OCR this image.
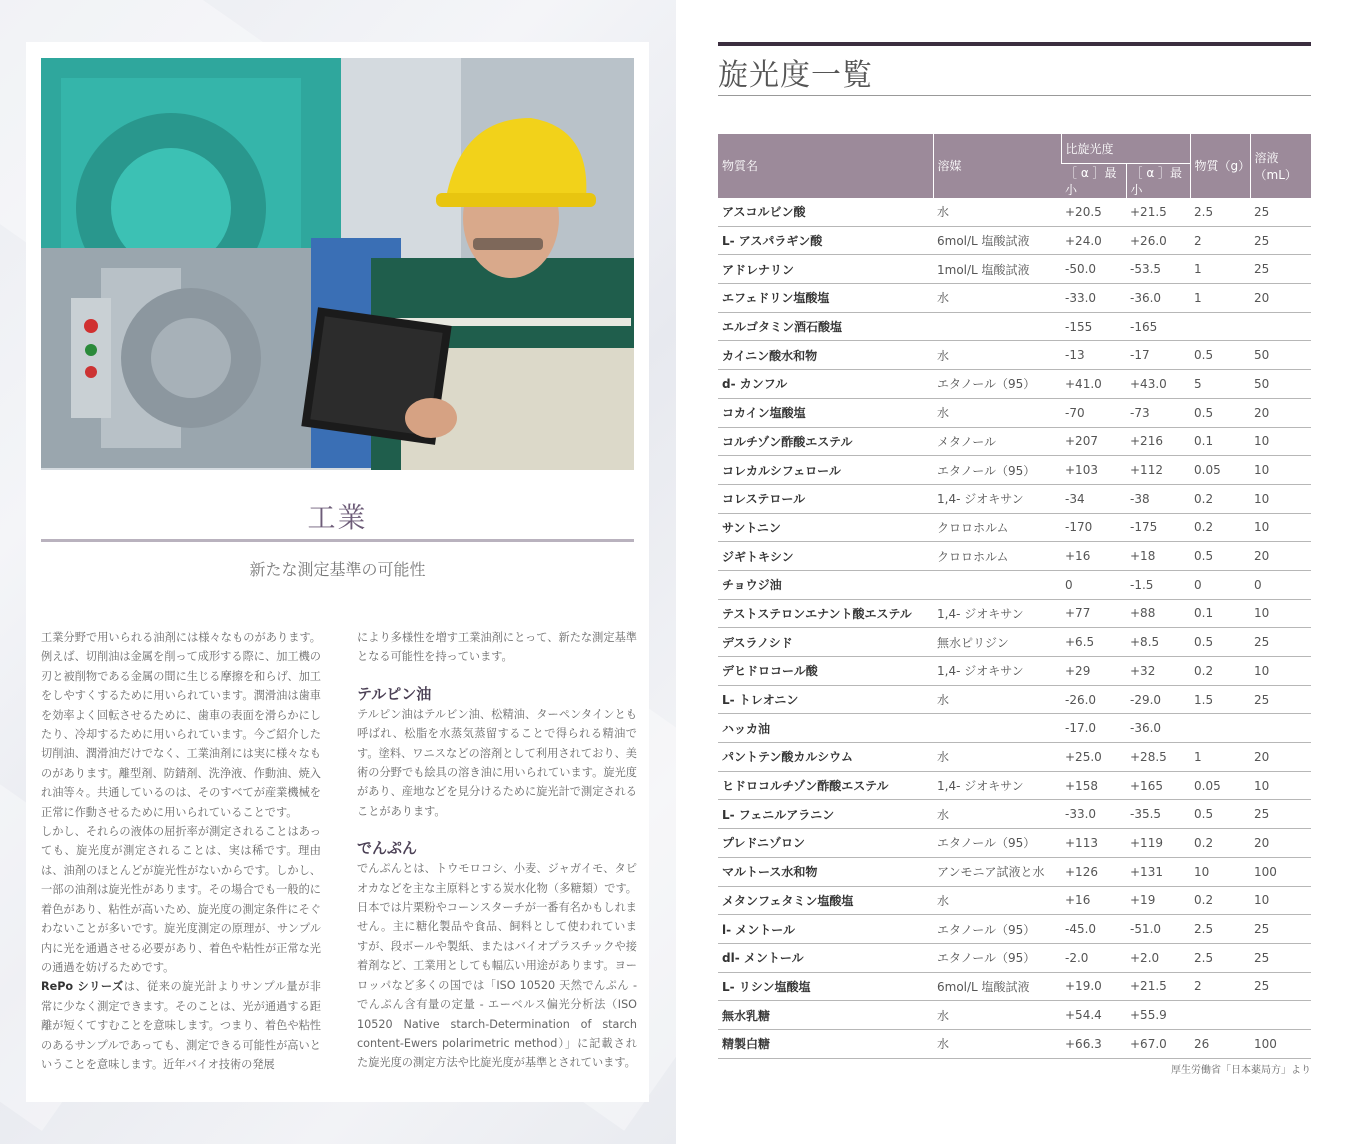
工業
新たな測定基準の可能性

工業分野で用いられる油剤には様々なものがあります。例えば、切削油は金属を削って成形する際に、加工機の刃と被削物である金属の間に生じる摩擦を和らげ、加工をしやすくするために用いられています。潤滑油は歯車を効率よく回転させるために、歯車の表面を滑らかにしたり、冷却するために用いられています。今ご紹介した切削油、潤滑油だけでなく、工業油剤には実に様々なものがあります。離型剤、防錆剤、洗浄液、作動油、焼入れ油等々。共通しているのは、そのすべてが産業機械を正常に作動させるために用いられていることです。

しかし、それらの液体の屈折率が測定されることはあっても、旋光度が測定されることは、実は稀です。理由は、油剤のほとんどが旋光性がないからです。しかし、一部の油剤は旋光性があります。その場合でも一般的に着色があり、粘性が高いため、旋光度の測定条件にそぐわないことが多いです。旋光度測定の原理が、サンプル内に光を通過させる必要があり、着色や粘性が正常な光の通過を妨げるためです。

RePo シリーズは、従来の旋光計よりサンプル量が非常に少なく測定できます。そのことは、光が通過する距離が短くてすむことを意味します。つまり、着色や粘性のあるサンプルであっても、測定できる可能性が高いということを意味します。近年バイオ技術の発展

により多様性を増す工業油剤にとって、新たな測定基準となる可能性を持っています。

テルピン油

テルピン油はテルビン油、松精油、ターペンタインとも呼ばれ、松脂を水蒸気蒸留することで得られる精油です。塗料、ワニスなどの溶剤として利用されており、美術の分野でも絵具の溶き油に用いられています。旋光度があり、産地などを見分けるために旋光計で測定されることがあります。

でんぷん

でんぷんとは、トウモロコシ、小麦、ジャガイモ、タピオカなどを主な主原料とする炭水化物（多糖類）です。日本では片栗粉やコーンスターチが一番有名かもしれません。主に糖化製品や食品、飼料として使われていますが、段ボールや製紙、またはバイオプラスチックや接着剤など、工業用としても幅広い用途があります。ヨーロッパなど多くの国では「ISO 10520 天然でんぷん - でんぷん含有量の定量 - エーベルス偏光分析法（ISO 10520 Native starch-Determination of starch content-Ewers polarimetric method）」に記載された旋光度の測定方法や比旋光度が基準とされています。

旋光度一覧
物質名	溶媒	比旋光度		物質（g）	溶液（mL）
		［ α ］最小	［ α ］最小		
アスコルビン酸	水	+20.5	+21.5	2.5	25
L- アスパラギン酸	6mol/L 塩酸試液	+24.0	+26.0	2	25
アドレナリン	1mol/L 塩酸試液	-50.0	-53.5	1	25
エフェドリン塩酸塩	水	-33.0	-36.0	1	20
エルゴタミン酒石酸塩		-155	-165		
カイニン酸水和物	水	-13	-17	0.5	50
d- カンフル	エタノール（95）	+41.0	+43.0	5	50
コカイン塩酸塩	水	-70	-73	0.5	20
コルチゾン酢酸エステル	メタノール	+207	+216	0.1	10
コレカルシフェロール	エタノール（95）	+103	+112	0.05	10
コレステロール	1,4- ジオキサン	-34	-38	0.2	10
サントニン	クロロホルム	-170	-175	0.2	10
ジギトキシン	クロロホルム	+16	+18	0.5	20
チョウジ油		0	-1.5	0	0
テストステロンエナント酸エステル	1,4- ジオキサン	+77	+88	0.1	10
デスラノシド	無水ピリジン	+6.5	+8.5	0.5	25
デヒドロコール酸	1,4- ジオキサン	+29	+32	0.2	10
L- トレオニン	水	-26.0	-29.0	1.5	25
ハッカ油		-17.0	-36.0		
パントテン酸カルシウム	水	+25.0	+28.5	1	20
ヒドロコルチゾン酢酸エステル	1,4- ジオキサン	+158	+165	0.05	10
L- フェニルアラニン	水	-33.0	-35.5	0.5	25
プレドニゾロン	エタノール（95）	+113	+119	0.2	20
マルトース水和物	アンモニア試液と水	+126	+131	10	100
メタンフェタミン塩酸塩	水	+16	+19	0.2	10
l- メントール	エタノール（95）	-45.0	-51.0	2.5	25
dl- メントール	エタノール（95）	-2.0	+2.0	2.5	25
L- リシン塩酸塩	6mol/L 塩酸試液	+19.0	+21.5	2	25
無水乳糖	水	+54.4	+55.9		
精製白糖	水	+66.3	+67.0	26	100
厚生労働省「日本薬局方」より
